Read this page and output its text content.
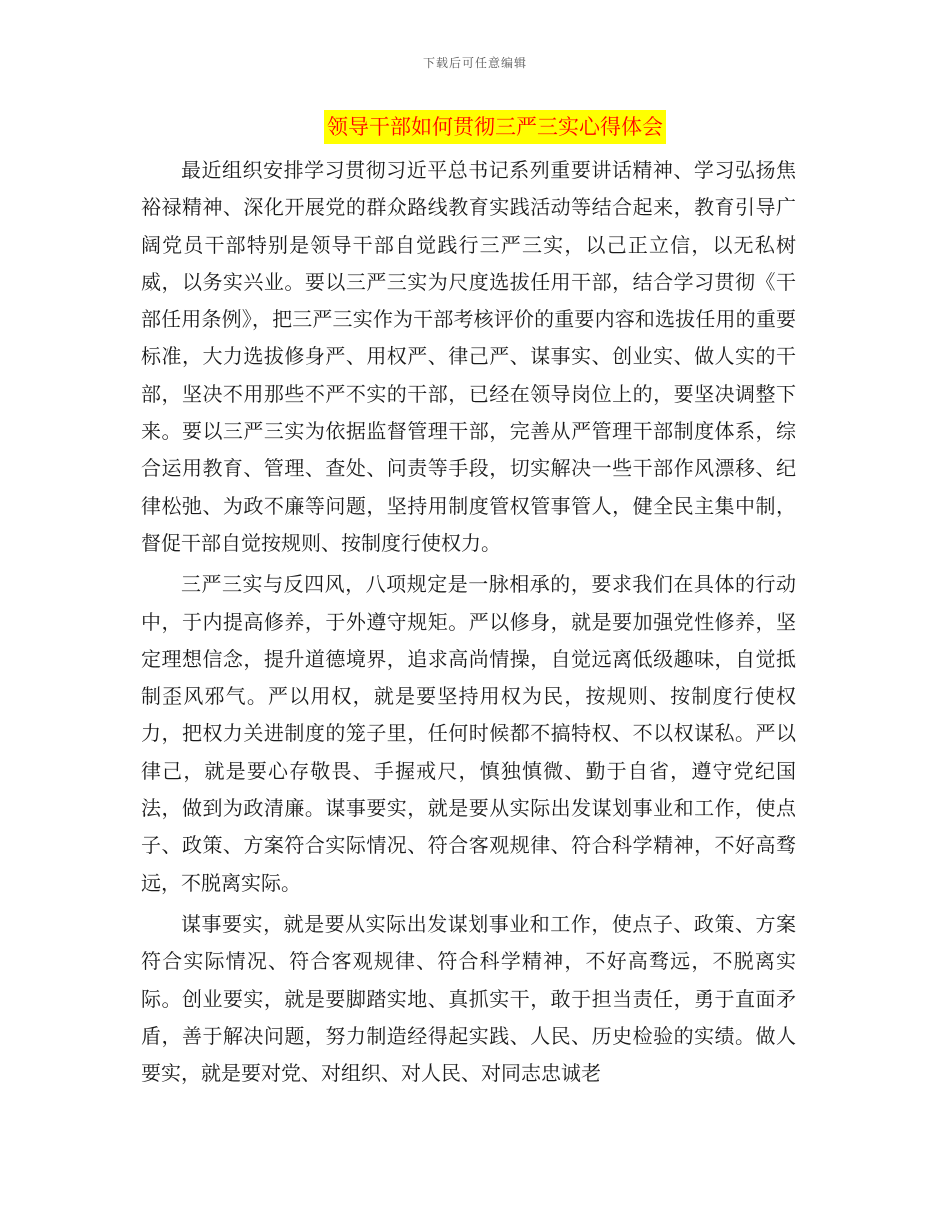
下载后可任意编辑
领导干部如何贯彻三严三实心得体会

最近组织安排学习贯彻习近平总书记系列重要讲话精神、学习弘扬焦裕禄精神、深化开展党的群众路线教育实践活动等结合起来，教育引导广阔党员干部特别是领导干部自觉践行三严三实，以己正立信，以无私树威，以务实兴业。要以三严三实为尺度选拔任用干部，结合学习贯彻《干部任用条例》，把三严三实作为干部考核评价的重要内容和选拔任用的重要标准，大力选拔修身严、用权严、律己严、谋事实、创业实、做人实的干部，坚决不用那些不严不实的干部，已经在领导岗位上的，要坚决调整下来。要以三严三实为依据监督管理干部，完善从严管理干部制度体系，综合运用教育、管理、查处、问责等手段，切实解决一些干部作风漂移、纪律松弛、为政不廉等问题，坚持用制度管权管事管人，健全民主集中制，督促干部自觉按规则、按制度行使权力。

三严三实与反四风，八项规定是一脉相承的，要求我们在具体的行动中，于内提高修养，于外遵守规矩。严以修身，就是要加强党性修养，坚定理想信念，提升道德境界，追求高尚情操，自觉远离低级趣味，自觉抵制歪风邪气。严以用权，就是要坚持用权为民，按规则、按制度行使权力，把权力关进制度的笼子里，任何时候都不搞特权、不以权谋私。严以律己，就是要心存敬畏、手握戒尺，慎独慎微、勤于自省，遵守党纪国法，做到为政清廉。谋事要实，就是要从实际出发谋划事业和工作，使点子、政策、方案符合实际情况、符合客观规律、符合科学精神，不好高骛远，不脱离实际。

谋事要实，就是要从实际出发谋划事业和工作，使点子、政策、方案符合实际情况、符合客观规律、符合科学精神，不好高骛远，不脱离实际。创业要实，就是要脚踏实地、真抓实干，敢于担当责任，勇于直面矛盾，善于解决问题，努力制造经得起实践、人民、历史检验的实绩。做人要实，就是要对党、对组织、对人民、对同志忠诚老
